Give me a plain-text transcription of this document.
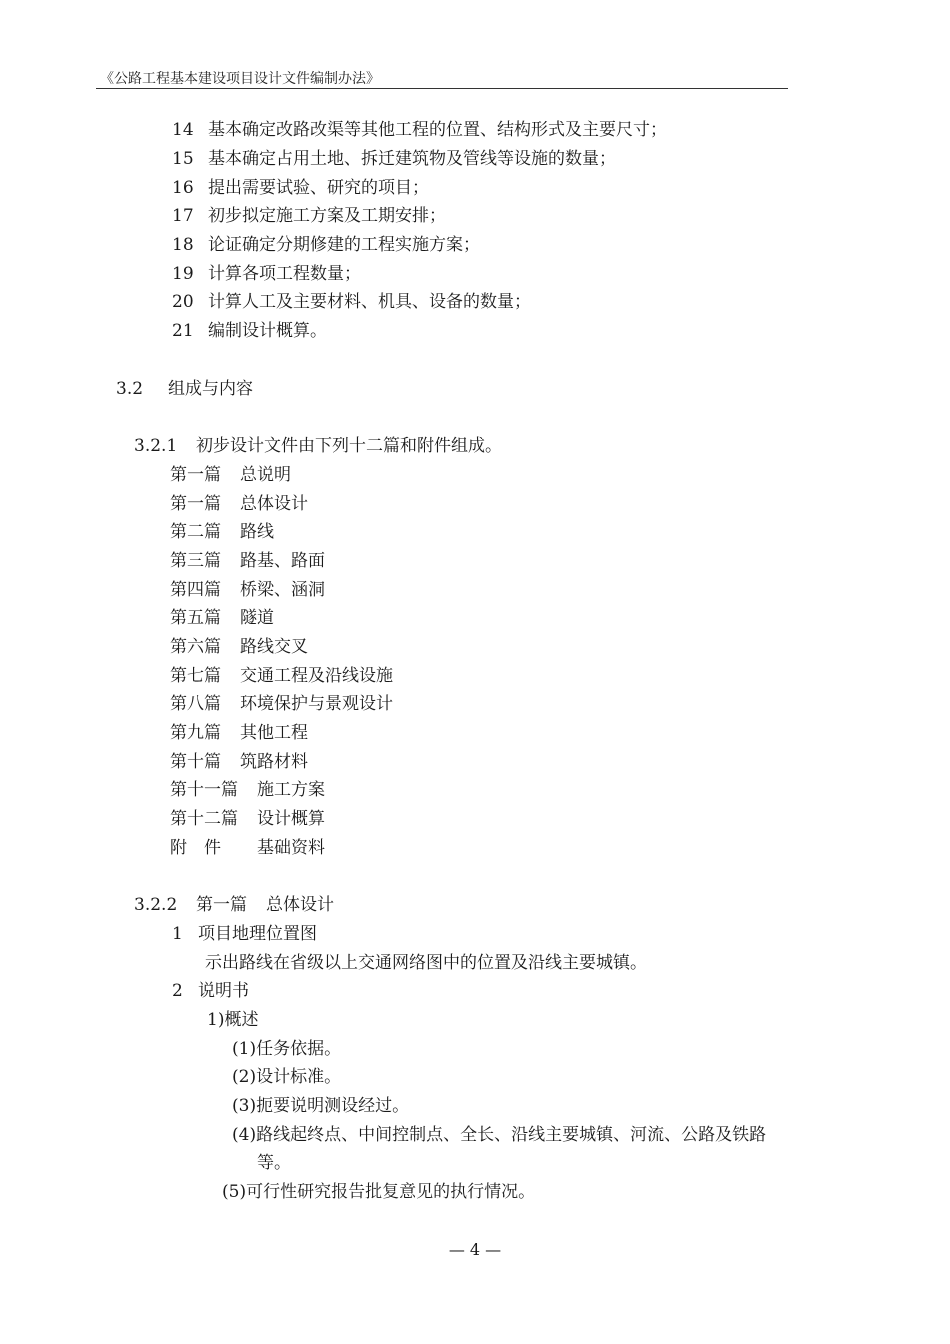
《公路工程基本建设项目设计文件编制办法》
14 基本确定改路改渠等其他工程的位置、结构形式及主要尺寸；
15 基本确定占用土地、拆迁建筑物及管线等设施的数量；
16 提出需要试验、研究的项目；
17 初步拟定施工方案及工期安排；
18 论证确定分期修建的工程实施方案；
19 计算各项工程数量；
20 计算人工及主要材料、机具、设备的数量；
21 编制设计概算。
3.2 组成与内容
3.2.1 初步设计文件由下列十二篇和附件组成。
第一篇 总说明
第一篇 总体设计
第二篇 路线
第三篇 路基、路面
第四篇 桥梁、涵洞
第五篇 隧道
第六篇 路线交叉
第七篇 交通工程及沿线设施
第八篇 环境保护与景观设计
第九篇 其他工程
第十篇 筑路材料
第十一篇 施工方案
第十二篇 设计概算
附　件 基础资料
3.2.2 第一篇 总体设计
1 项目地理位置图
示出路线在省级以上交通网络图中的位置及沿线主要城镇。
2 说明书
1)概述
(1)任务依据。
(2)设计标准。
(3)扼要说明测设经过。
(4)路线起终点、中间控制点、全长、沿线主要城镇、河流、公路及铁路
等。
(5)可行性研究报告批复意见的执行情况。
— 4 —
